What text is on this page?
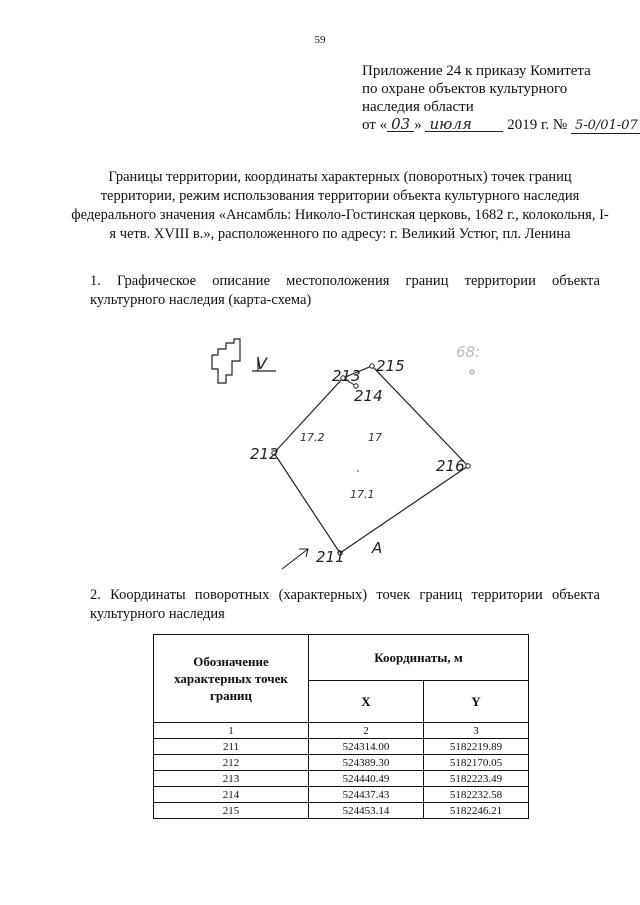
59
Приложение 24 к приказу Комитета
по охране объектов культурного
наследия области
от « 03 » июля 2019 г. № 5-0/01-07
Границы территории, координаты характерных (поворотных) точек границ территории, режим использования территории объекта культурного наследия федерального значения «Ансамбль: Николо-Гостинская церковь, 1682 г., колокольня, I-я четв. XVIII в.», расположенного по адресу: г. Великий Устюг, пл. Ленина
1. Графическое описание местоположения границ территории объекта культурного наследия (карта-схема)
V
211
212
213
214
215
216
17.2	17
17.1
A
68:
2. Координаты поворотных (характерных) точек границ территории объекта культурного наследия
Обозначение характерных точек границ	Координаты, м	
	X	Y
1	2	3
211	524314.00	5182219.89
212	524389.30	5182170.05
213	524440.49	5182223.49
214	524437.43	5182232.58
215	524453.14	5182246.21
